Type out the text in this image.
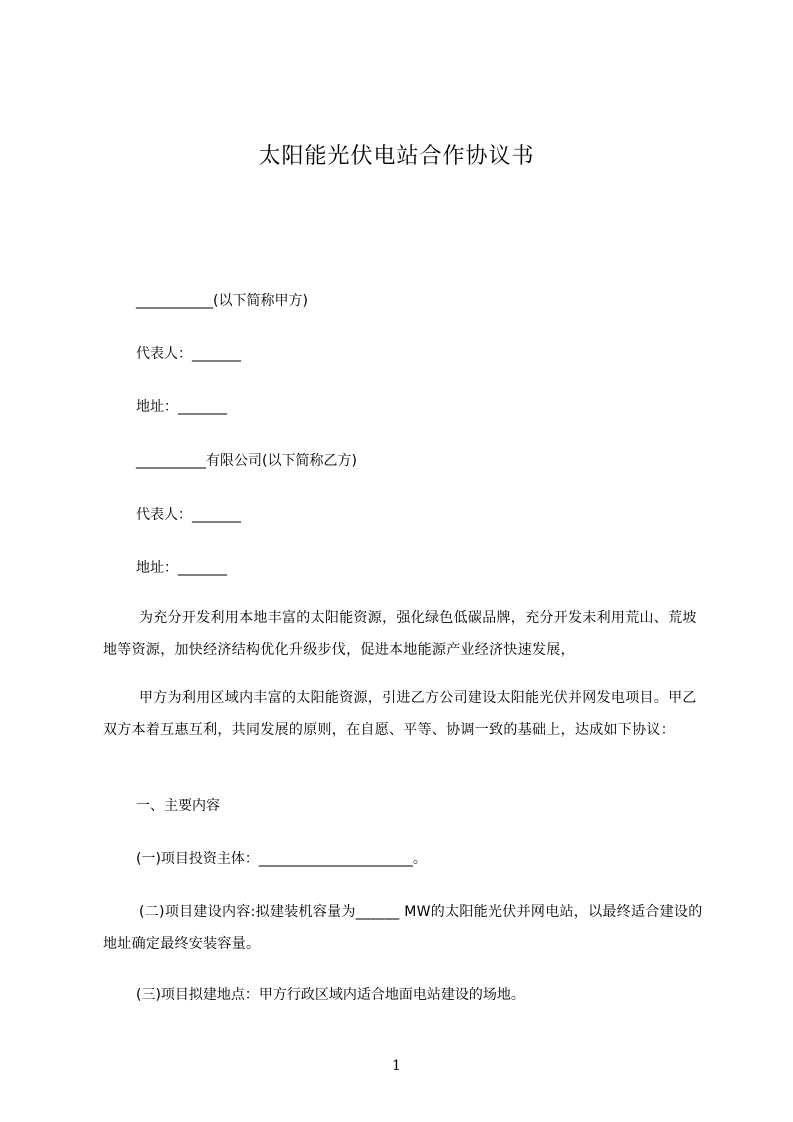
太阳能光伏电站合作协议书
___________(以下简称甲方)
代表人：_______
地址：_______
__________有限公司(以下简称乙方)
代表人：_______
地址：_______
为充分开发利用本地丰富的太阳能资源，强化绿色低碳品牌，充分开发未利用荒山、荒坡地等资源，加快经济结构优化升级步伐，促进本地能源产业经济快速发展，
甲方为利用区域内丰富的太阳能资源，引进乙方公司建设太阳能光伏并网发电项目。甲乙双方本着互惠互利，共同发展的原则，在自愿、平等、协调一致的基础上，达成如下协议：
一、主要内容
(一)项目投资主体：______________________。
(二)项目建设内容:拟建装机容量为______ MW的太阳能光伏并网电站，以最终适合建设的地址确定最终安装容量。
(三)项目拟建地点：甲方行政区域内适合地面电站建设的场地。
1
